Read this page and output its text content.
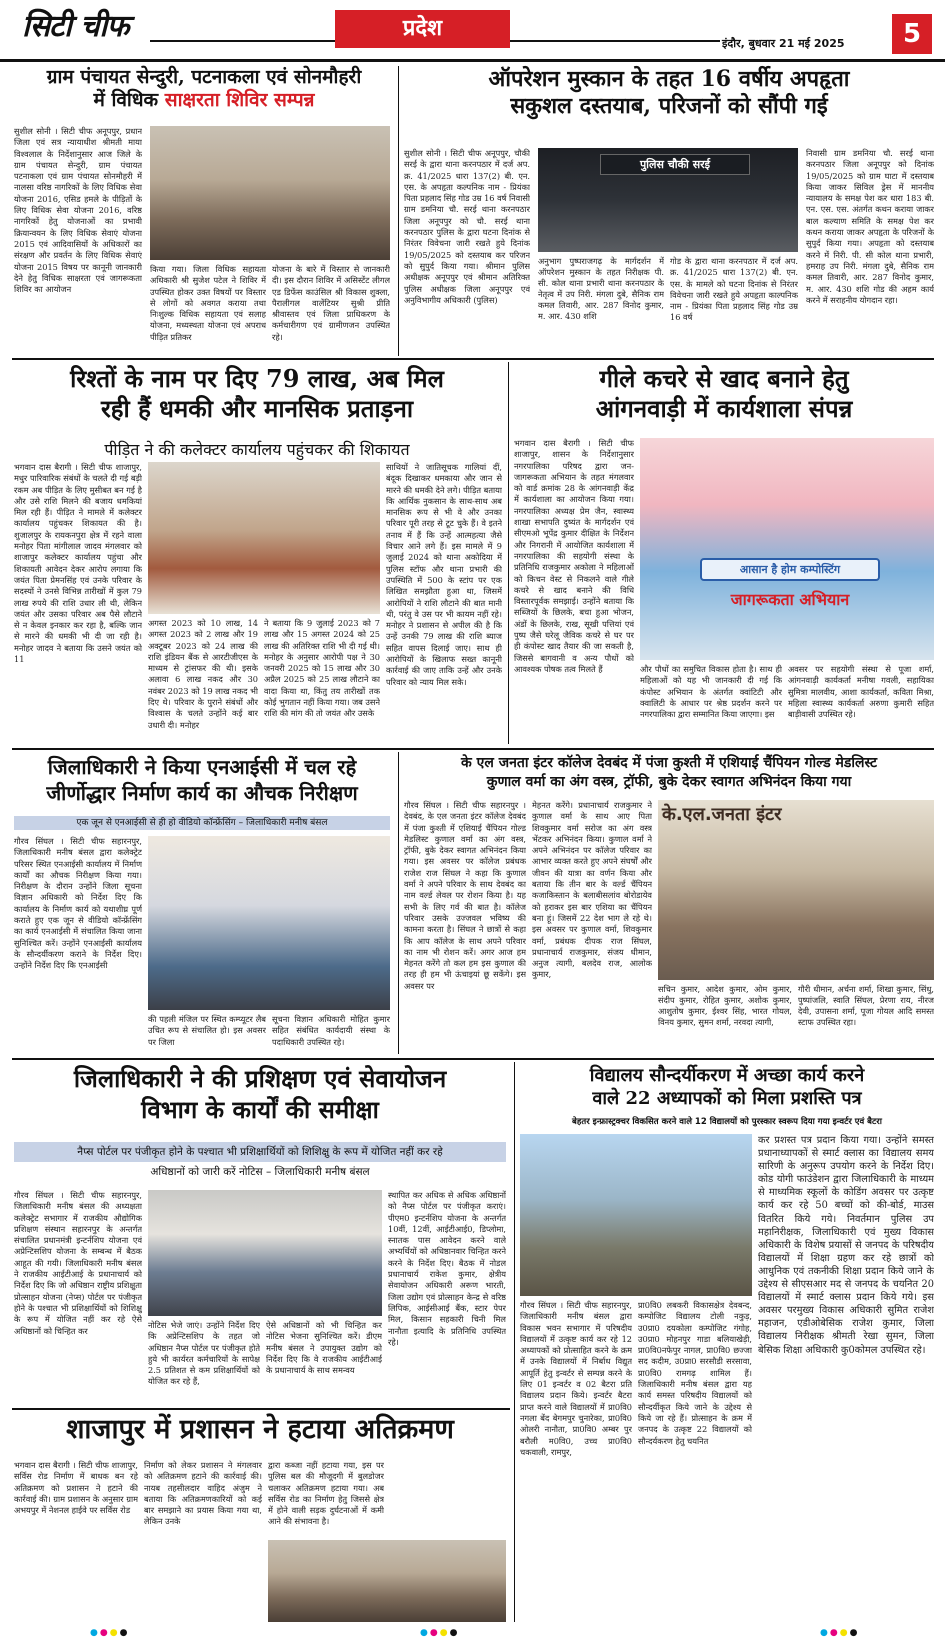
सिटी चीफ	प्रदेश
इंदौर, बुधवार 21 मई 2025	5
ग्राम पंचायत सेन्दुरी, पटनाकला एवं सोनमौहरी
में विधिक साक्षरता शिविर सम्पन्न
सुशील सोनी । सिटी चीफ अनूपपुर, प्रधान जिला एवं सत्र न्यायाधीश श्रीमती माया विश्वलाल के निर्देशानुसार आज जिले के ग्राम पंचायत सेन्दुरी, ग्राम पंचायत पटनाकला एवं ग्राम पंचायत सोनमौहरी में नालसा वरिष्ठ नागरिकों के लिए विधिक सेवा योजना 2016, एसिड हमले के पीड़ितों के लिए विधिक सेवा योजना 2016, वरिष्ठ नागरिकों हेतु योजनाओं का प्रभावी क्रियान्वयन के लिए विधिक सेवाएं योजना 2015 एवं आदिवासियों के अधिकारों का संरक्षण और प्रवर्तन के लिए विधिक सेवाएं योजना 2015 विषय पर कानूनी जानकारी देने हेतु विधिक साक्षरता एवं जागरूकता शिविर का आयोजन
किया गया। जिला विधिक सहायता अधिकारी श्री सुजेश पटेल ने शिविर में उपस्थित होकर उक्त विषयों पर विस्तार से लोगों को अवगत कराया तथा निःशुल्क विधिक सहायता एवं सलाह योजना, मध्यस्थता योजना एवं अपराध पीड़ित प्रतिकर
योजना के बारे में विस्तार से जानकारी दी। इस दौरान शिविर में असिस्टेंट लीगल एड डिफेंस काउंसिल श्री विकास शुक्ला, पैरालीगल वालेंटियर सुश्री प्रीति श्रीवास्तव एवं जिला प्राधिकरण के कर्मचारीगण एवं ग्रामीणजन उपस्थित रहे।
ऑपरेशन मुस्कान के तहत 16 वर्षीय अपहृता
सकुशल दस्तयाब, परिजनों को सौंपी गई
सुशील सोनी । सिटी चीफ अनूपपुर, चौकी सरई के द्वारा थाना करनपठार में दर्ज अप. क्र. 41/2025 धारा 137(2) बी. एन. एस. के अपहृता कल्पनिक नाम - प्रियंका पिता प्रहलाद सिंह गोड उम्र 16 वर्ष निवासी ग्राम डमनिया चौ. सरई थाना करनपठार जिला अनूपपुर को चौ. सरई थाना करनपठार पुलिस के द्वारा घटना दिनांक से निरंतर विवेचना जारी रखते हुये दिनांक 19/05/2025 को दस्तयाब कर परिजन को सुपुर्द किया गया। श्रीमान पुलिस अधीक्षक अनूपपुर एवं श्रीमान अतिरिक्त पुलिस अधीक्षक जिला अनूपपुर एवं अनुविभागीय अधिकारी (पुलिस)
पुलिस चौकी सरई
अनुभाग पुष्पराजगढ़ के मार्गदर्शन में ऑपरेशन मुस्कान के तहत निरीक्षक पी. सी. कोल थाना प्रभारी थाना करनपठार के नेतृत्व में उप निरी. मंगला दुबे, सैनिक राम कमल तिवारी, आर. 287 विनोद कुमार, म. आर. 430 शशि
गोड के द्वारा थाना करनपठार में दर्ज अप. क्र. 41/2025 धारा 137(2) बी. एन. एस. के मामले को घटना दिनांक से निरंतर विवेचना जारी रखते हुये अपहृता काल्पनिक नाम - प्रियंका पिता प्रहलाद सिंह गोड उम्र 16 वर्ष
निवासी ग्राम डमनिया चौ. सरई थाना करनपठार जिला अनूपपुर को दिनांक 19/05/2025 को ग्राम घाटा में दस्तयाब किया जाकर सिविल ड्रेस में माननीय न्यायालय के समक्ष पेश कर धारा 183 बी. एन. एस. एस. अंतर्गत कथन कराया जाकर बाल कल्याण समिति के समक्ष पेश कर कथन कराया जाकर अपहृता के परिजनों के सुपुर्द किया गया। अपहृता को दस्तयाब करने में निरी. पी. सी कोल थाना प्रभारी, हमराह उप निरी. मंगला दुबे, सैनिक राम कमल तिवारी, आर. 287 विनोद कुमार, म. आर. 430 शशि गोड की अहम कार्य करने में सराहनीय योगदान रहा।
रिश्तों के नाम पर दिए 79 लाख, अब मिल
रही हैं धमकी और मानसिक प्रताड़ना
पीड़ित ने की कलेक्टर कार्यालय पहुंचकर की शिकायत
भगवान दास बैरागी । सिटी चीफ शाजापुर, मधुर पारिवारिक संबंधों के चलते दी गई बड़ी रकम अब पीड़ित के लिए मुसीबत बन गई है और उसे राशि मिलने की बजाय धमकियां मिल रही हैं। पीड़ित ने मामले में कलेक्टर कार्यालय पहुंचकर शिकायत की है। शुजालपुर के रायकनपुरा क्षेत्र में रहने वाला मनोहर पिता मांगीलाल जादव मंगलवार को शाजापुर कलेक्टर कार्यालय पहुंचा और शिकायती आवेदन देकर आरोप लगाया कि जयंत पिता प्रेमनसिंह एवं उनके परिवार के सदस्यों ने उनसे विभिन्न तारीखों में कुल 79 लाख रुपये की राशि उधार ली थी, लेकिन जयंत और उसका परिवार अब पैसे लौटाने से न केवल इनकार कर रहा है, बल्कि जान से मारने की धमकी भी दी जा रही है। मनोहर जादव ने बताया कि उसने जयंत को 11
अगस्त 2023 को 10 लाख, 14 अगस्त 2023 को 2 लाख और 19 अक्टूबर 2023 को 24 लाख की राशि इंडियन बैंक से आरटीजीएस के माध्यम से ट्रांसफर की थी। इसके अलावा 6 लाख नकद और 30 नवंबर 2023 को 19 लाख नकद भी दिए थे। परिवार के पुराने संबंधों और विश्वास के चलते उन्होंने कई बार उधारी दी। मनोहर
ने बताया कि 9 जुलाई 2023 को 7 लाख और 15 अगस्त 2024 को 25 लाख की अतिरिक्त राशि भी दी गई थी। मनोहर के अनुसार आरोपी पक्ष ने 30 जनवरी 2025 को 15 लाख और 30 अप्रैल 2025 को 25 लाख लौटाने का वादा किया था, किंतु तय तारीखों तक कोई भुगतान नहीं किया गया। जब उसने राशि की मांग की तो जयंत और उसके
साथियों ने जातिसूचक गालियां दीं, बंदूक दिखाकर धमकाया और जान से मारने की धमकी देने लगे। पीड़ित बताया कि आर्थिक नुकसान के साथ-साथ अब मानसिक रूप से भी वे और उनका परिवार पूरी तरह से टूट चुके हैं। वे इतने तनाव में हैं कि उन्हें आत्महत्या जैसे विचार आने लगे हैं। इस मामले में 9 जुलाई 2024 को थाना अकोदिया में पुलिस स्टॉफ और थाना प्रभारी की उपस्थिति में 500 के स्टांप पर एक लिखित समझौता हुआ था, जिसमें आरोपियों ने राशि लौटाने की बात मानी थी, परंतु वे उस पर भी कायम नहीं रहे। मनोहर ने प्रशासन से अपील की है कि उन्हें उनकी 79 लाख की राशि ब्याज सहित वापस दिलाई जाए। साथ ही आरोपियों के खिलाफ सख्त कानूनी कार्रवाई की जाए ताकि उन्हें और उनके परिवार को न्याय मिल सके।
गीले कचरे से खाद बनाने हेतु
आंगनवाड़ी में कार्यशाला संपन्न
भगवान दास बैरागी । सिटी चीफ शाजापुर, शासन के निर्देशानुसार नगरपालिका परिषद द्वारा जन-जागरूकता अभियान के तहत मंगलवार को वार्ड क्रमांक 28 के आंगनवाड़ी केंद्र में कार्यशाला का आयोजन किया गया। नगरपालिका अध्यक्ष प्रेम जैन, स्वास्थ्य शाखा सभापति दुष्यंत के मार्गदर्शन एवं सीएमओ भूपेंद्र कुमार दीक्षित के निर्देशन और निगरानी में आयोजित कार्यशाला में नगरपालिका की सहयोगी संस्था के प्रतिनिधि राजकुमार अकोला ने महिलाओं को किचन वेस्ट से निकलने वाले गीले कचरे से खाद बनाने की विधि विस्तारपूर्वक समझाई। उन्होंने बताया कि सब्जियों के छिलके, बचा हुआ भोजन, अंडों के छिलके, राख, सूखी पत्तियां एवं पुष्प जैसे घरेलू जैविक कचरे से घर पर ही कंपोस्ट खाद तैयार की जा सकती है, जिससे बागवानी व अन्य पौधों को आवश्यक पोषक तत्व मिलते हैं
आसान है होम कम्पोस्टिंग
जागरूकता अभियान
और पौधों का समुचित विकास होता है। साथ ही महिलाओं को यह भी जानकारी दी गई कि कंपोस्ट अभियान के अंतर्गत क्वांटिटी और क्वालिटी के आधार पर श्रेष्ठ प्रदर्शन करने पर नगरपालिका द्वारा सम्मानित किया जाएगा। इस
अवसर पर सहयोगी संस्था से पूजा शर्मा, आंगनवाड़ी कार्यकर्ता मनीषा गवली, सहायिका सुमित्रा मालवीय, आशा कार्यकर्ता, कविता मिश्रा, महिला स्वास्थ्य कार्यकर्ता अरुणा कुमारी सहित बाड़ीवासी उपस्थित रहे।
जिलाधिकारी ने किया एनआईसी में चल रहे
जीर्णोद्धार निर्माण कार्य का औचक निरीक्षण
एक जून से एनआईसी से ही हो वीडियो कॉन्फ्रेंसिंग – जिलाधिकारी मनीष बंसल
गौरव सिंघल । सिटी चीफ सहारनपुर, जिलाधिकारी मनीष बंसल द्वारा कलेक्ट्रेट परिसर स्थित एनआईसी कार्यालय में निर्माण कार्यों का औचक निरीक्षण किया गया। निरीक्षण के दौरान उन्होंने जिला सूचना विज्ञान अधिकारी को निर्देश दिए कि कार्यालय के निर्माण कार्य को यथाशीघ्र पूर्ण कराते हुए एक जून से वीडियो कॉन्फ्रेंसिंग का कार्य एनआईसी में संचालित किया जाना सुनिश्चित करें। उन्होंने एनआईसी कार्यालय के सौन्दर्यीकरण कराने के निर्देश दिए। उन्होंने निर्देश दिए कि एनआईसी
की पहली मंजिल पर स्थित कम्प्यूटर लैब उचित रूप से संचालित हो। इस अवसर पर जिला
सूचना विज्ञान अधिकारी मोहित कुमार सहित संबंधित कार्यदायी संस्था के पदाधिकारी उपस्थित रहे।
के एल जनता इंटर कॉलेज देवबंद में पंजा कुश्ती में एशियाई चैंपियन गोल्ड मेडलिस्ट
कुणाल वर्मा का अंग वस्त्र, ट्रॉफी, बुके देकर स्वागत अभिनंदन किया गया
गौरव सिंघल । सिटी चीफ सहारनपुर । देवबंद, के एल जनता इंटर कॉलेज देवबंद में पंजा कुश्ती में एशियाई चैंपियन गोल्ड मेडलिस्ट कुणाल वर्मा का अंग वस्त्र, ट्रॉफी, बुके देकर स्वागत अभिनंदन किया गया। इस अवसर पर कॉलेज प्रबंधक राजेश राज सिंघल ने कहा कि कुणाल वर्मा ने अपने परिवार के साथ देवबंद का नाम वर्ल्ड लेवल पर रोशन किया है। यह सभी के लिए गर्व की बात है। कॉलेज परिवार उसके उज्जवल भविष्य की कामना करता है। सिंघल ने छात्रों से कहा कि आप कॉलेज के साथ अपने परिवार का नाम भी रोशन करें। अगर आज हम मेहनत करेंगे तो कल हम इस कुणाल की तरह ही हम भी ऊंचाइयां छू सकेंगे। इस अवसर पर
मेहनत करेंगे। प्रधानाचार्य राजकुमार ने कुणाल वर्मा के साथ आए पिता शिवकुमार वर्मा सरोज का अंग वस्त्र भेंटकर अभिनंदन किया। कुणाल वर्मा ने अपने अभिनंदन पर कॉलेज परिवार का आभार व्यक्त करते हुए अपने संघर्षों और जीवन की यात्रा का वर्णन किया और बताया कि तीन बार के वर्ल्ड चैंपियन कजाकिस्तान के बलाबीसलांव बोरोडायेव को हराकर इस बार एशिया का चैंपियन बना हूं। जिसमें 22 देश भाग ले रहे थे। इस अवसर पर कुणाल वर्मा, शिवकुमार वर्मा, प्रबंधक दीपक राज सिंघल, प्रधानाचार्य राजकुमार, संजय धीमान, अनुज त्यागी, बलदेव राज, आलोक कुमार,
के.एल.जनता इंटर
सचिन कुमार, आदेश कुमार, ओम कुमार, संदीप कुमार, रोहित कुमार, अशोक कुमार, आशुतोष कुमार, ईश्वर सिंह, भारत गोयल, विनय कुमार, सुमन शर्मा, नरवदा त्यागी,
गौरी धीमान, अर्चना शर्मा, शिखा कुमार, सिंधु, पुष्पांजलि, स्वाति सिंघल, प्रेरणा राय, नीरज देवी, उपासना शर्मा, पूजा गोयल आदि समस्त स्टाफ उपस्थित रहा।
जिलाधिकारी ने की प्रशिक्षण एवं सेवायोजन
विभाग के कार्यों की समीक्षा
नैप्स पोर्टल पर पंजीकृत होने के पश्चात भी प्रशिक्षार्थियों को शिशिक्षु के रूप में योजित नहीं कर रहे
अधिष्ठानों को जारी करें नोटिस – जिलाधिकारी मनीष बंसल
गौरव सिंघल । सिटी चीफ सहारनपुर, जिलाधिकारी मनीष बंसल की अध्यक्षता कलेक्ट्रेट सभागार में राजकीय औद्योगिक प्रशिक्षण संस्थान सहारनपुर के अन्तर्गत संचालित प्रधानमंत्री इन्टर्नशिप योजना एवं अप्रेन्टिसशिप योजना के सम्बन्ध में बैठक आहूत की गयी। जिलाधिकारी मनीष बंसल ने राजकीय आईटीआई के प्रधानाचार्य को निर्देश दिए कि जो अधिष्ठान राष्ट्रीय प्रशिक्षुता प्रोत्साहन योजना (नेप्स) पोर्टल पर पंजीकृत होने के पश्चात भी प्रशिक्षार्थियों को शिशिक्षु के रूप में योजित नहीं कर रहे ऐसे अधिष्ठानों को चिन्हित कर
नोटिस भेजे जाएं। उन्होंने निर्देश दिए कि अप्रेन्टिसशिप के तहत जो अधिष्ठान नैप्स पोर्टल पर पंजीकृत होते हुये भी कार्यरत कर्मचारियों के सापेक्ष 2.5 प्रतिशत से कम प्रशिक्षार्थियों को योजित कर रहे हैं,
ऐसे अधिष्ठानों को भी चिन्हित कर नोटिस भेजना सुनिश्चित करें। डीएम मनीष बंसल ने उपायुक्त उद्योग को निर्देश दिए कि वे राजकीय आईटीआई के प्रधानाचार्य के साथ समन्वय
स्थापित कर अधिक से अधिक अधिष्ठानों को नैप्स पोर्टल पर पंजीकृत कराएं। पीएम0 इन्टर्नशिप योजना के अन्तर्गत 10वीं, 12वीं, आईटीआई0, डिप्लोमा, स्नातक पास आवेदन करने वाले अभ्यर्थियों को अधिष्ठानवार चिन्हित करने करने के निर्देश दिए। बैठक में नोडल प्रधानाचार्य राकेश कुमार, क्षेत्रीय सेवायोजन अधिकारी अरूण भारती, जिला उद्योग एवं प्रोत्साहन केन्द्र से वरिष्ठ लिपिक, आईसीआई बैंक, स्टार पेपर मिल, किसान सहकारी चिनी मिल नानौता इत्यादि के प्रतिनिधि उपस्थित रहे।
विद्यालय सौन्दर्यीकरण में अच्छा कार्य करने
वाले 22 अध्यापकों को मिला प्रशस्ति पत्र
बेहतर इन्फ्रास्ट्रक्चर विकसित करने वाले 12 विद्यालयों को पुरस्कार स्वरूप दिया गया इन्वर्टर एवं बैटरा
गौरव सिंघल । सिटी चीफ सहारनपुर, जिलाधिकारी मनीष बंसल द्वारा विकास भवन सभागार में परिषदीय विद्यालयों में उत्कृष्ट कार्य कर रहे 12 अध्यापकों को प्रोत्साहित करने के क्रम में उनके विद्यालयों में निर्बाध विद्युत आपूर्ति हेतु इन्वर्टर से सम्पन्न करने के लिए 01 इन्वर्टर व 02 बैटरा प्रति विद्यालय प्रदान किये। इन्वर्टर बैटरा प्राप्त करने वाले विद्यालयों में प्रा0वि0 नगला बेंद बेगमपुर चुनारेका, प्रा0वि0 ओलरी नानौता, प्रा0वि0 अम्बर पुर बरौली म0वि0, उच्च प्रा0वि0 चकवाली, रामपुर,
प्रा0वि0 लबकरी विकासक्षेत्र देवबन्द, कम्पोजिट विद्यालय टोली नकुड़, उ0प्रा0 दयकोला कम्पोजिट गंगोह, उ0प्रा0 मोहनपुर गाडा बलियाखेड़ी, प्रा0वि0नफेपुर नागल, प्रा0वि0 छज्जा सद कदीम, उ0प्रा0 सरसौडी सरसावा, प्रा0वि0 रामगढ़ शामिल हैं। जिलाधिकारी मनीष बंसल द्वारा यह कार्य समस्त परिषदीय विद्यालयों को सौन्दर्यीकृत किये जाने के उद्देश्य से किये जा रहे हैं। प्रोत्साहन के क्रम में जनपद के उत्कृष्ट 22 विद्यालयों को सौन्दर्यकरण हेतु चयनित
कर प्रशस्त पत्र प्रदान किया गया। उन्होंने समस्त प्रधानाध्यापकों से स्मार्ट क्लास का विद्यालय समय सारिणी के अनुरूप उपयोग करने के निर्देश दिए। कोड योगी फाउंडेशन द्वारा जिलाधिकारी के माध्यम से माध्यमिक स्कूलों के कोडिंग अवसर पर उत्कृष्ट कार्य कर रहे 50 बच्चों को की-बोर्ड, माउस वितरित किये गये। निवर्तमान पुलिस उप महानिरीक्षक, जिलाधिकारी एवं मुख्य विकास अधिकारी के विशेष प्रयासों से जनपद के परिषदीय विद्यालयों में शिक्षा ग्रहण कर रहे छात्रों को आधुनिक एवं तकनीकी शिक्षा प्रदान किये जाने के उद्देश्य से सीएसआर मद से जनपद के चयनित 20 विद्यालयों में स्मार्ट क्लास प्रदान किये गये। इस अवसर परमुख्य विकास अधिकारी सुमित राजेश महाजन, एडीओबेसिक राजेश कुमार, जिला विद्यालय निरीक्षक श्रीमती रेखा सुमन, जिला बेसिक शिक्षा अधिकारी कु0कोमल उपस्थित रहे।
शाजापुर में प्रशासन ने हटाया अतिक्रमण
भगवान दास बैरागी । सिटी चीफ शाजापुर, सर्विस रोड निर्माण में बाधक बन रहे अतिक्रमण को प्रशासन ने हटाने की कार्रवाई की। ग्राम प्रशासन के अनुसार ग्राम अभयपुर में नेशनल हाईवे पर सर्विस रोड
निर्माण को लेकर प्रशासन ने मंगलवार को अतिक्रमण हटाने की कार्रवाई की। नायब तहसीलदार वाहिद अंजुम ने बताया कि अतिक्रमणकारियों को कई बार समझाने का प्रयास किया गया था, लेकिन उनके
द्वारा कब्जा नहीं हटाया गया, इस पर पुलिस बल की मौजूदगी में बुलडोजर चलाकर अतिक्रमण हटाया गया। अब सर्विस रोड का निर्माण हेतु जिससे क्षेत्र में होने वाली सड़क दुर्घटनाओं में कमी आने की संभावना है।
●●●●	●●●●	●●●●
